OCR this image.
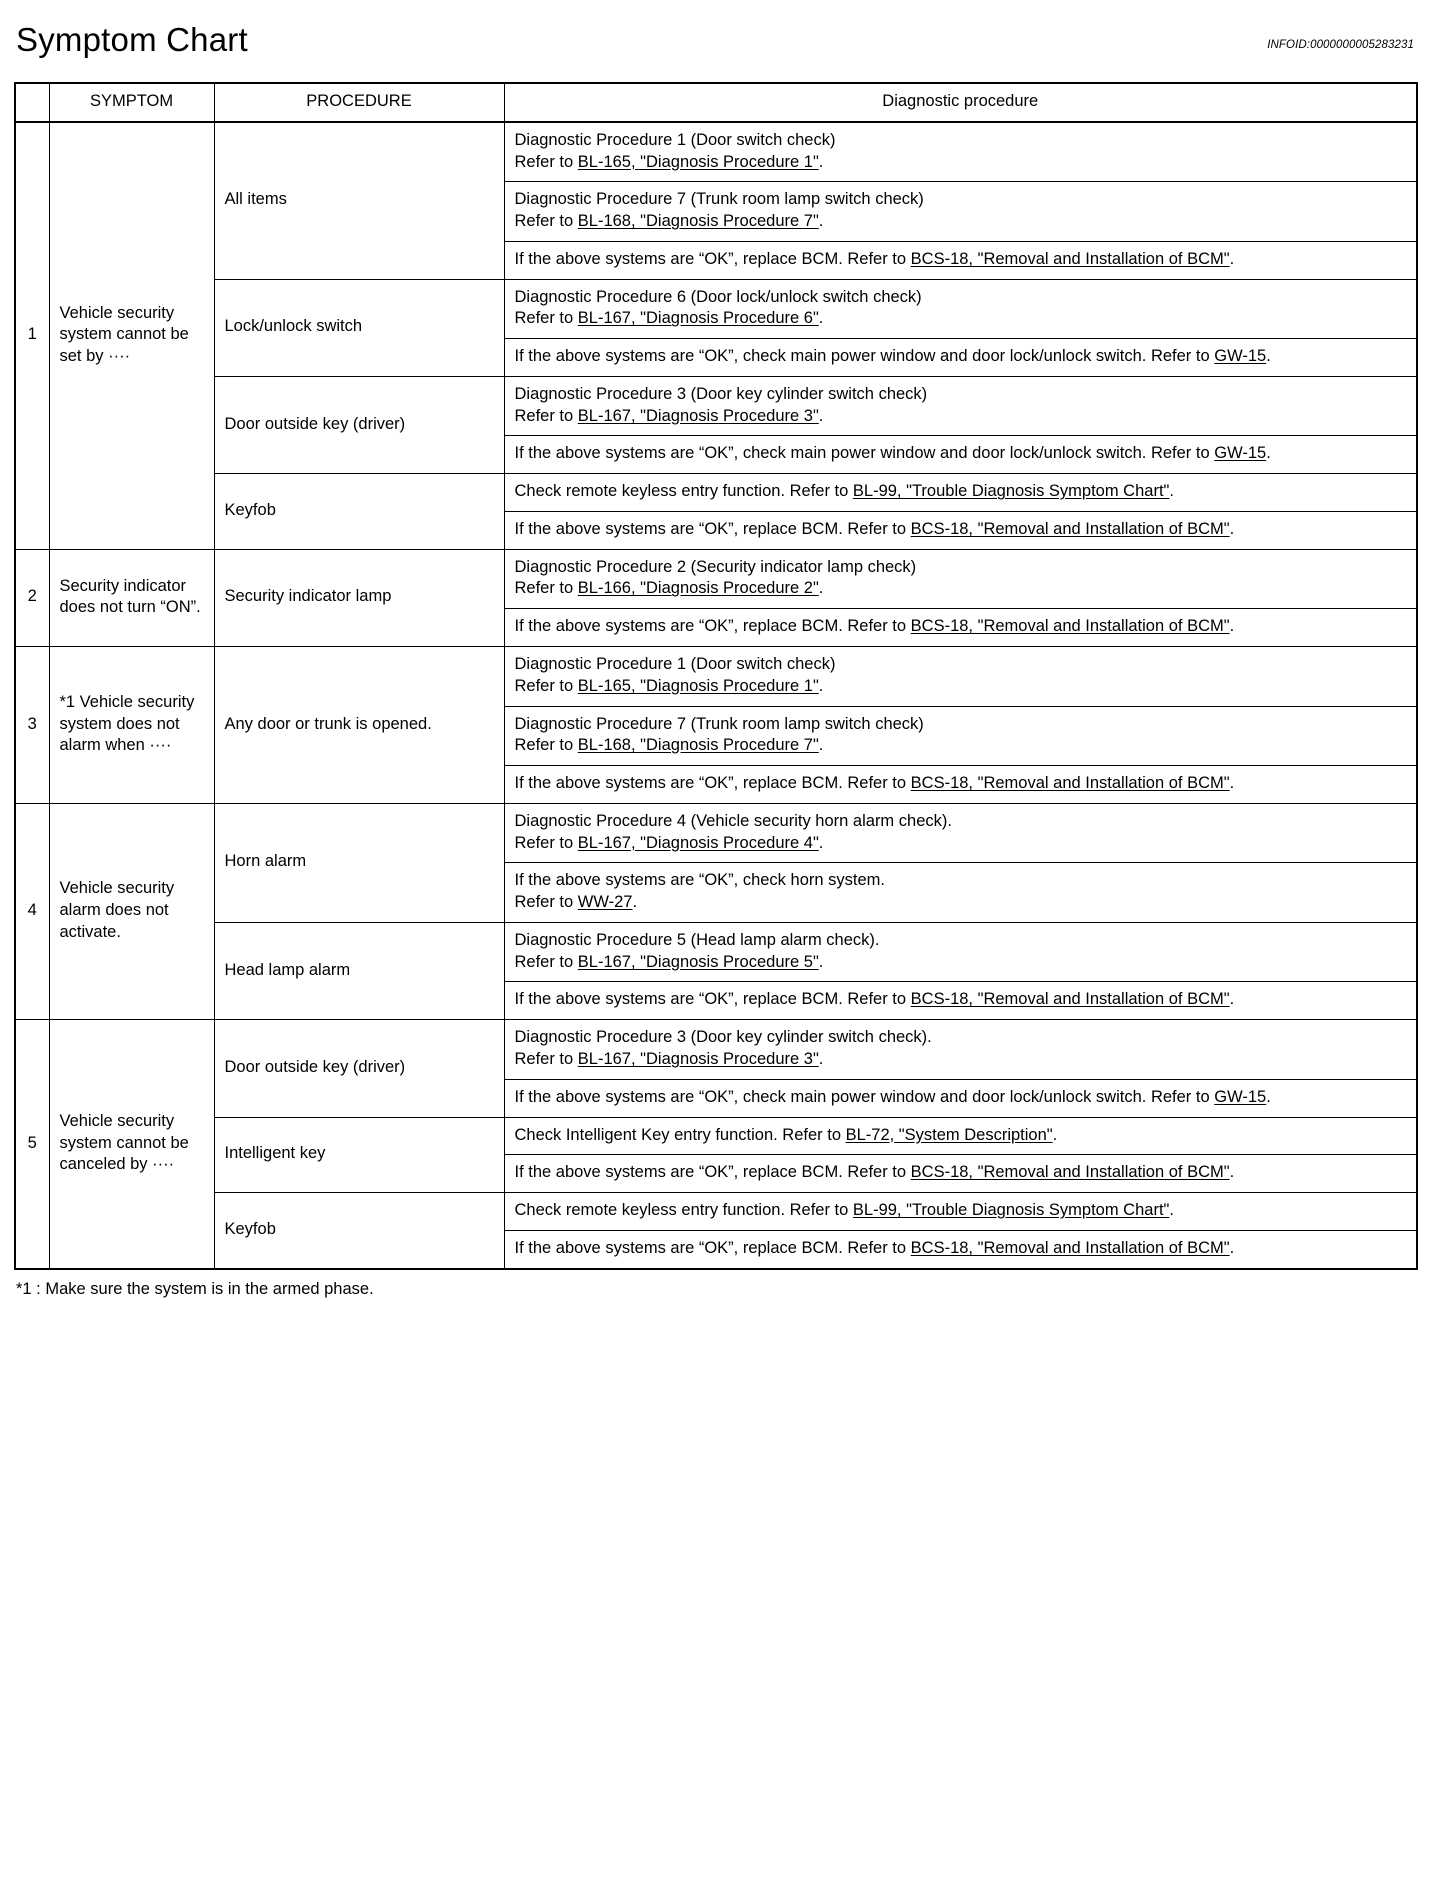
Symptom Chart	INFOID:0000000005283231
	SYMPTOM	PROCEDURE	Diagnostic procedure
1	Vehicle security system cannot be set by ····	All items	Diagnostic Procedure 1 (Door switch check)
Refer to BL-165, "Diagnosis Procedure 1".
			Diagnostic Procedure 7 (Trunk room lamp switch check)
Refer to BL-168, "Diagnosis Procedure 7".
			If the above systems are “OK”, replace BCM. Refer to BCS-18, "Removal and Installation of BCM".
		Lock/unlock switch	Diagnostic Procedure 6 (Door lock/unlock switch check)
Refer to BL-167, "Diagnosis Procedure 6".
			If the above systems are “OK”, check main power window and door lock/unlock switch. Refer to GW-15.
		Door outside key (driver)	Diagnostic Procedure 3 (Door key cylinder switch check)
Refer to BL-167, "Diagnosis Procedure 3".
			If the above systems are “OK”, check main power window and door lock/unlock switch. Refer to GW-15.
		Keyfob	Check remote keyless entry function. Refer to BL-99, "Trouble Diagnosis Symptom Chart".
			If the above systems are “OK”, replace BCM. Refer to BCS-18, "Removal and Installation of BCM".
2	Security indicator does not turn “ON”.	Security indicator lamp	Diagnostic Procedure 2 (Security indicator lamp check)
Refer to BL-166, "Diagnosis Procedure 2".
			If the above systems are “OK”, replace BCM. Refer to BCS-18, "Removal and Installation of BCM".
3	*1 Vehicle security system does not alarm when ····	Any door or trunk is opened.	Diagnostic Procedure 1 (Door switch check)
Refer to BL-165, "Diagnosis Procedure 1".
			Diagnostic Procedure 7 (Trunk room lamp switch check)
Refer to BL-168, "Diagnosis Procedure 7".
			If the above systems are “OK”, replace BCM. Refer to BCS-18, "Removal and Installation of BCM".
4	Vehicle security alarm does not activate.	Horn alarm	Diagnostic Procedure 4 (Vehicle security horn alarm check).
Refer to BL-167, "Diagnosis Procedure 4".
			If the above systems are “OK”, check horn system.
Refer to WW-27.
		Head lamp alarm	Diagnostic Procedure 5 (Head lamp alarm check).
Refer to BL-167, "Diagnosis Procedure 5".
			If the above systems are “OK”, replace BCM. Refer to BCS-18, "Removal and Installation of BCM".
5	Vehicle security system cannot be canceled by ····	Door outside key (driver)	Diagnostic Procedure 3 (Door key cylinder switch check).
Refer to BL-167, "Diagnosis Procedure 3".
			If the above systems are “OK”, check main power window and door lock/unlock switch. Refer to GW-15.
		Intelligent key	Check Intelligent Key entry function. Refer to BL-72, "System Description".
			If the above systems are “OK”, replace BCM. Refer to BCS-18, "Removal and Installation of BCM".
		Keyfob	Check remote keyless entry function. Refer to BL-99, "Trouble Diagnosis Symptom Chart".
			If the above systems are “OK”, replace BCM. Refer to BCS-18, "Removal and Installation of BCM".
*1 : Make sure the system is in the armed phase.
